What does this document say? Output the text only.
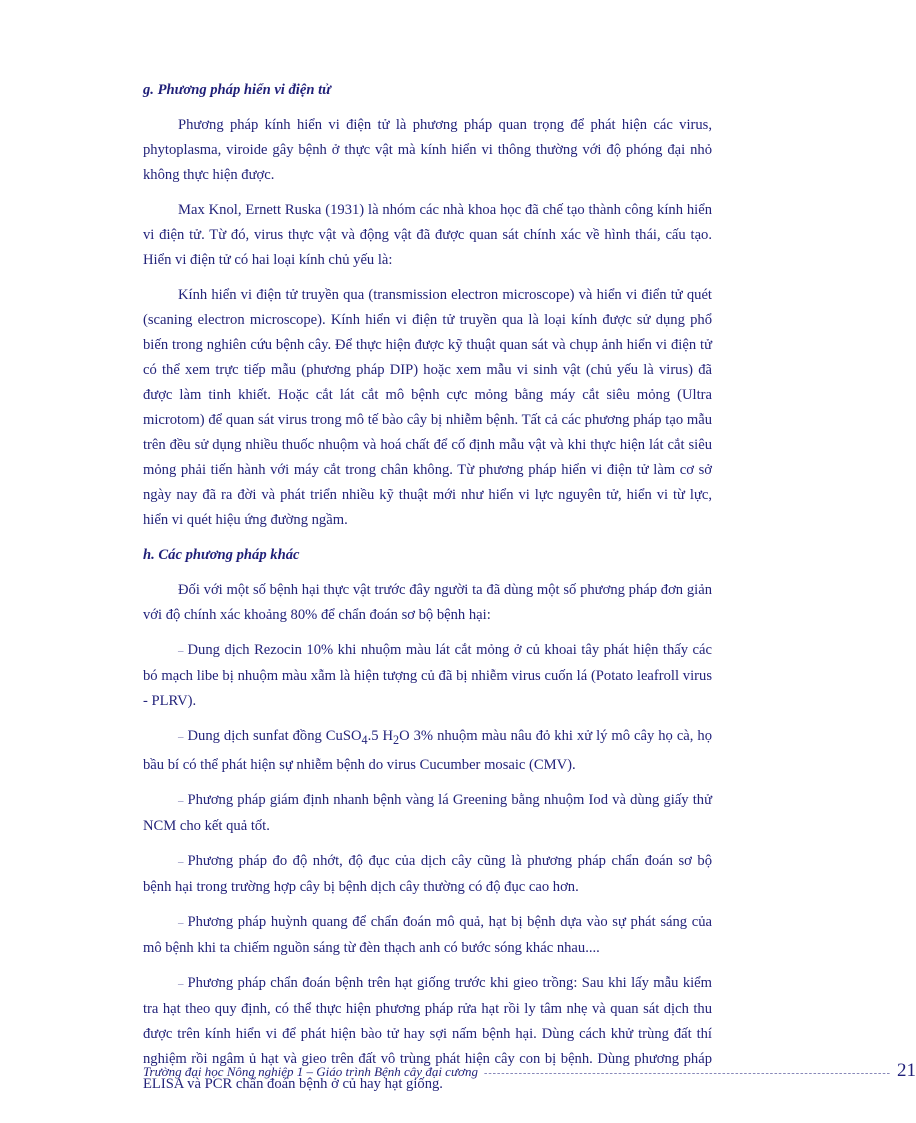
g. Phương pháp hiển vi điện tử

Phương pháp kính hiển vi điện tử là phương pháp quan trọng để phát hiện các virus, phytoplasma, viroide gây bệnh ở thực vật mà kính hiển vi thông thường với độ phóng đại nhỏ không thực hiện được.

Max Knol, Ernett Ruska (1931) là nhóm các nhà khoa học đã chế tạo thành công kính hiển vi điện tử. Từ đó, virus thực vật và động vật đã được quan sát chính xác về hình thái, cấu tạo. Hiển vi điện tử có hai loại kính chủ yếu là:

Kính hiển vi điện tử truyền qua (transmission electron microscope) và hiển vi điển tử quét (scaning electron microscope). Kính hiển vi điện tử truyền qua là loại kính được sử dụng phổ biến trong nghiên cứu bệnh cây. Để thực hiện được kỹ thuật quan sát và chụp ảnh hiển vi điện tử có thể xem trực tiếp mẫu (phương pháp DIP) hoặc xem mẫu vi sinh vật (chủ yếu là virus) đã được làm tinh khiết. Hoặc cắt lát cắt mô bệnh cực mỏng bằng máy cắt siêu mỏng (Ultra microtom) để quan sát virus trong mô tế bào cây bị nhiễm bệnh. Tất cả các phương pháp tạo mẫu trên đều sử dụng nhiều thuốc nhuộm và hoá chất để cố định mẫu vật và khi thực hiện lát cắt siêu mỏng phải tiến hành với máy cắt trong chân không. Từ phương pháp hiển vi điện tử làm cơ sở ngày nay đã ra đời và phát triển nhiều kỹ thuật mới như hiển vi lực nguyên tử, hiển vi từ lực, hiển vi quét hiệu ứng đường ngầm.

h. Các phương pháp khác

Đối với một số bệnh hại thực vật trước đây người ta đã dùng một số phương pháp đơn giản với độ chính xác khoảng 80% để chẩn đoán sơ bộ bệnh hại:

– Dung dịch Rezocin 10% khi nhuộm màu lát cắt mỏng ở củ khoai tây phát hiện thấy các bó mạch libe bị nhuộm màu xẫm là hiện tượng củ đã bị nhiễm virus cuốn lá (Potato leafroll virus - PLRV).

– Dung dịch sunfat đồng CuSO$_4$.5 $H_2O$ 3% nhuộm màu nâu đỏ khi xử lý mô cây họ cà, họ bầu bí có thể phát hiện sự nhiễm bệnh do virus Cucumber mosaic (CMV).

– Phương pháp giám định nhanh bệnh vàng lá Greening bằng nhuộm Iod và dùng giấy thử NCM cho kết quả tốt.

– Phương pháp đo độ nhớt, độ đục của dịch cây cũng là phương pháp chẩn đoán sơ bộ bệnh hại trong trường hợp cây bị bệnh dịch cây thường có độ đục cao hơn.

– Phương pháp huỳnh quang để chẩn đoán mô quả, hạt bị bệnh dựa vào sự phát sáng của mô bệnh khi ta chiếm nguồn sáng từ đèn thạch anh có bước sóng khác nhau....

– Phương pháp chẩn đoán bệnh trên hạt giống trước khi gieo trồng: Sau khi lấy mẫu kiểm tra hạt theo quy định, có thể thực hiện phương pháp rửa hạt rồi ly tâm nhẹ và quan sát dịch thu được trên kính hiển vi để phát hiện bào tử hay sợi nấm bệnh hại. Dùng cách khử trùng đất thí nghiệm rồi ngâm ủ hạt và gieo trên đất vô trùng phát hiện cây con bị bệnh. Dùng phương pháp ELISA và PCR chẩn đoán bệnh ở củ hay hạt giống.

Trường đại học Nông nghiệp 1 – Giáo trình Bệnh cây đại cương ---------------------------------------------------------------------------------------------- 21
